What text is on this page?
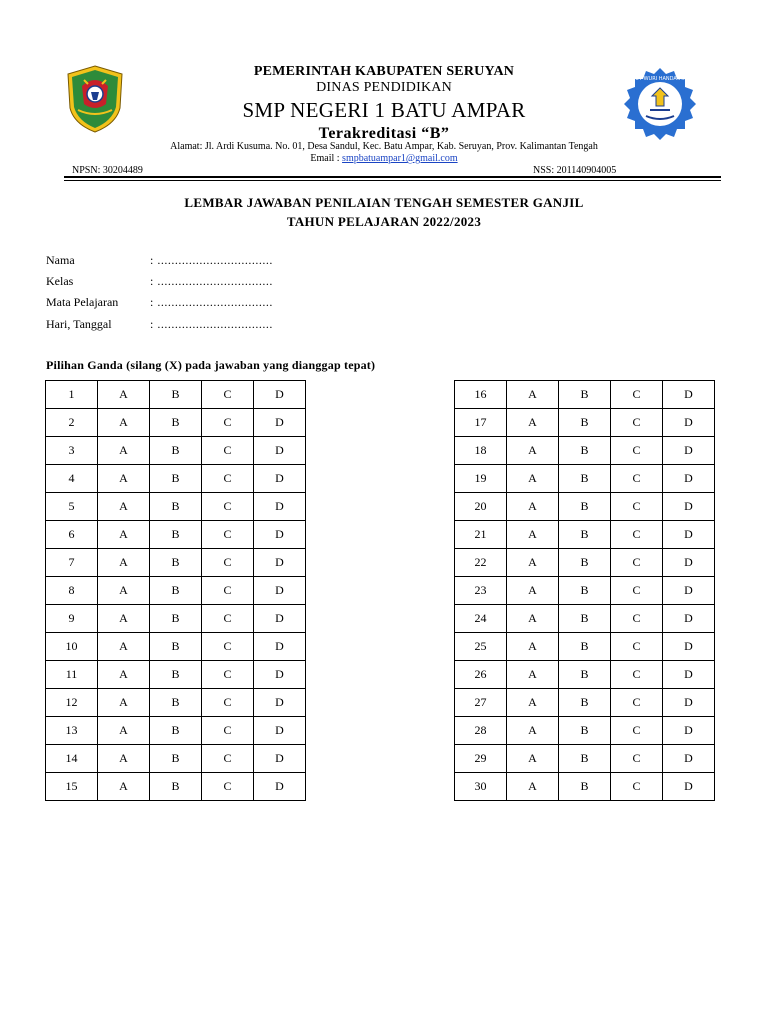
TUT WURI HANDAYANI
PEMERINTAH KABUPATEN SERUYAN
DINAS PENDIDIKAN
SMP NEGERI 1 BATU AMPAR
Terakreditasi “B”
Alamat: Jl. Ardi Kusuma. No. 01, Desa Sandul, Kec. Batu Ampar, Kab. Seruyan, Prov. Kalimantan Tengah
Email : smpbatuampar1@gmail.com
NPSN: 30204489	NSS: 201140904005
LEMBAR JAWABAN PENILAIAN TENGAH SEMESTER GANJIL
TAHUN PELAJARAN 2022/2023
Nama	: .................................
Kelas	: .................................
Mata Pelajaran	: .................................
Hari, Tanggal	: .................................
Pilihan Ganda (silang (X) pada jawaban yang dianggap tepat)
1	A	B	C	D
2	A	B	C	D
3	A	B	C	D
4	A	B	C	D
5	A	B	C	D
6	A	B	C	D
7	A	B	C	D
8	A	B	C	D
9	A	B	C	D
10	A	B	C	D
11	A	B	C	D
12	A	B	C	D
13	A	B	C	D
14	A	B	C	D
15	A	B	C	D
16	A	B	C	D
17	A	B	C	D
18	A	B	C	D
19	A	B	C	D
20	A	B	C	D
21	A	B	C	D
22	A	B	C	D
23	A	B	C	D
24	A	B	C	D
25	A	B	C	D
26	A	B	C	D
27	A	B	C	D
28	A	B	C	D
29	A	B	C	D
30	A	B	C	D
